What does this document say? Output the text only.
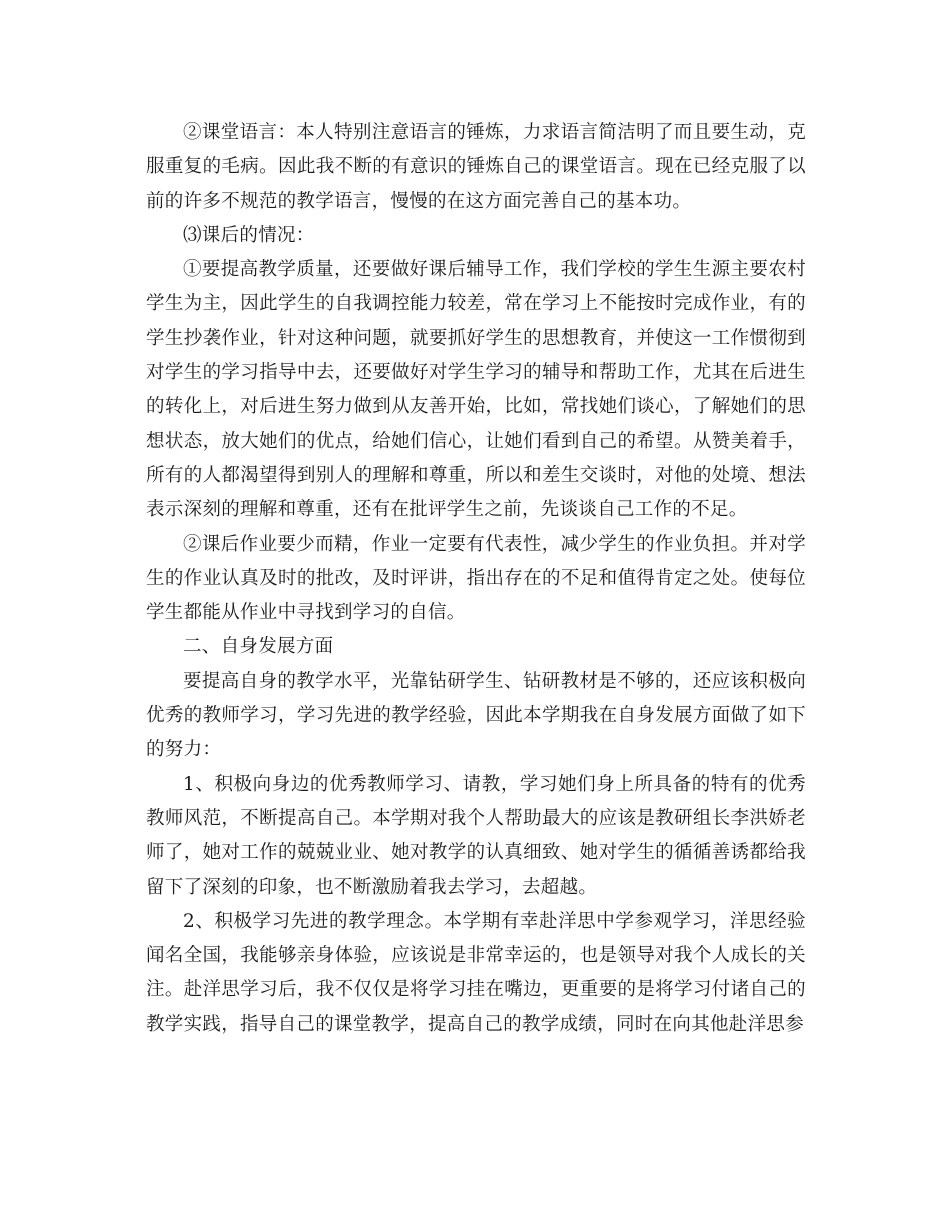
②课堂语言：本人特别注意语言的锤炼，力求语言简洁明了而且要生动，克服重复的毛病。因此我不断的有意识的锤炼自己的课堂语言。现在已经克服了以前的许多不规范的教学语言，慢慢的在这方面完善自己的基本功。

⑶课后的情况：

①要提高教学质量，还要做好课后辅导工作，我们学校的学生生源主要农村学生为主，因此学生的自我调控能力较差，常在学习上不能按时完成作业，有的学生抄袭作业，针对这种问题，就要抓好学生的思想教育，并使这一工作惯彻到对学生的学习指导中去，还要做好对学生学习的辅导和帮助工作，尤其在后进生的转化上，对后进生努力做到从友善开始，比如，常找她们谈心，了解她们的思想状态，放大她们的优点，给她们信心，让她们看到自己的希望。从赞美着手，所有的人都渴望得到别人的理解和尊重，所以和差生交谈时，对他的处境、想法表示深刻的理解和尊重，还有在批评学生之前，先谈谈自己工作的不足。

②课后作业要少而精，作业一定要有代表性，减少学生的作业负担。并对学生的作业认真及时的批改，及时评讲，指出存在的不足和值得肯定之处。使每位学生都能从作业中寻找到学习的自信。

二、自身发展方面

要提高自身的教学水平，光靠钻研学生、钻研教材是不够的，还应该积极向优秀的教师学习，学习先进的教学经验，因此本学期我在自身发展方面做了如下的努力：

1、积极向身边的优秀教师学习、请教，学习她们身上所具备的特有的优秀教师风范，不断提高自己。本学期对我个人帮助最大的应该是教研组长李洪娇老师了，她对工作的兢兢业业、她对教学的认真细致、她对学生的循循善诱都给我留下了深刻的印象，也不断激励着我去学习，去超越。

2、积极学习先进的教学理念。本学期有幸赴洋思中学参观学习，洋思经验闻名全国，我能够亲身体验，应该说是非常幸运的，也是领导对我个人成长的关注。赴洋思学习后，我不仅仅是将学习挂在嘴边，更重要的是将学习付诸自己的教学实践，指导自己的课堂教学，提高自己的教学成绩，同时在向其他赴洋思参
